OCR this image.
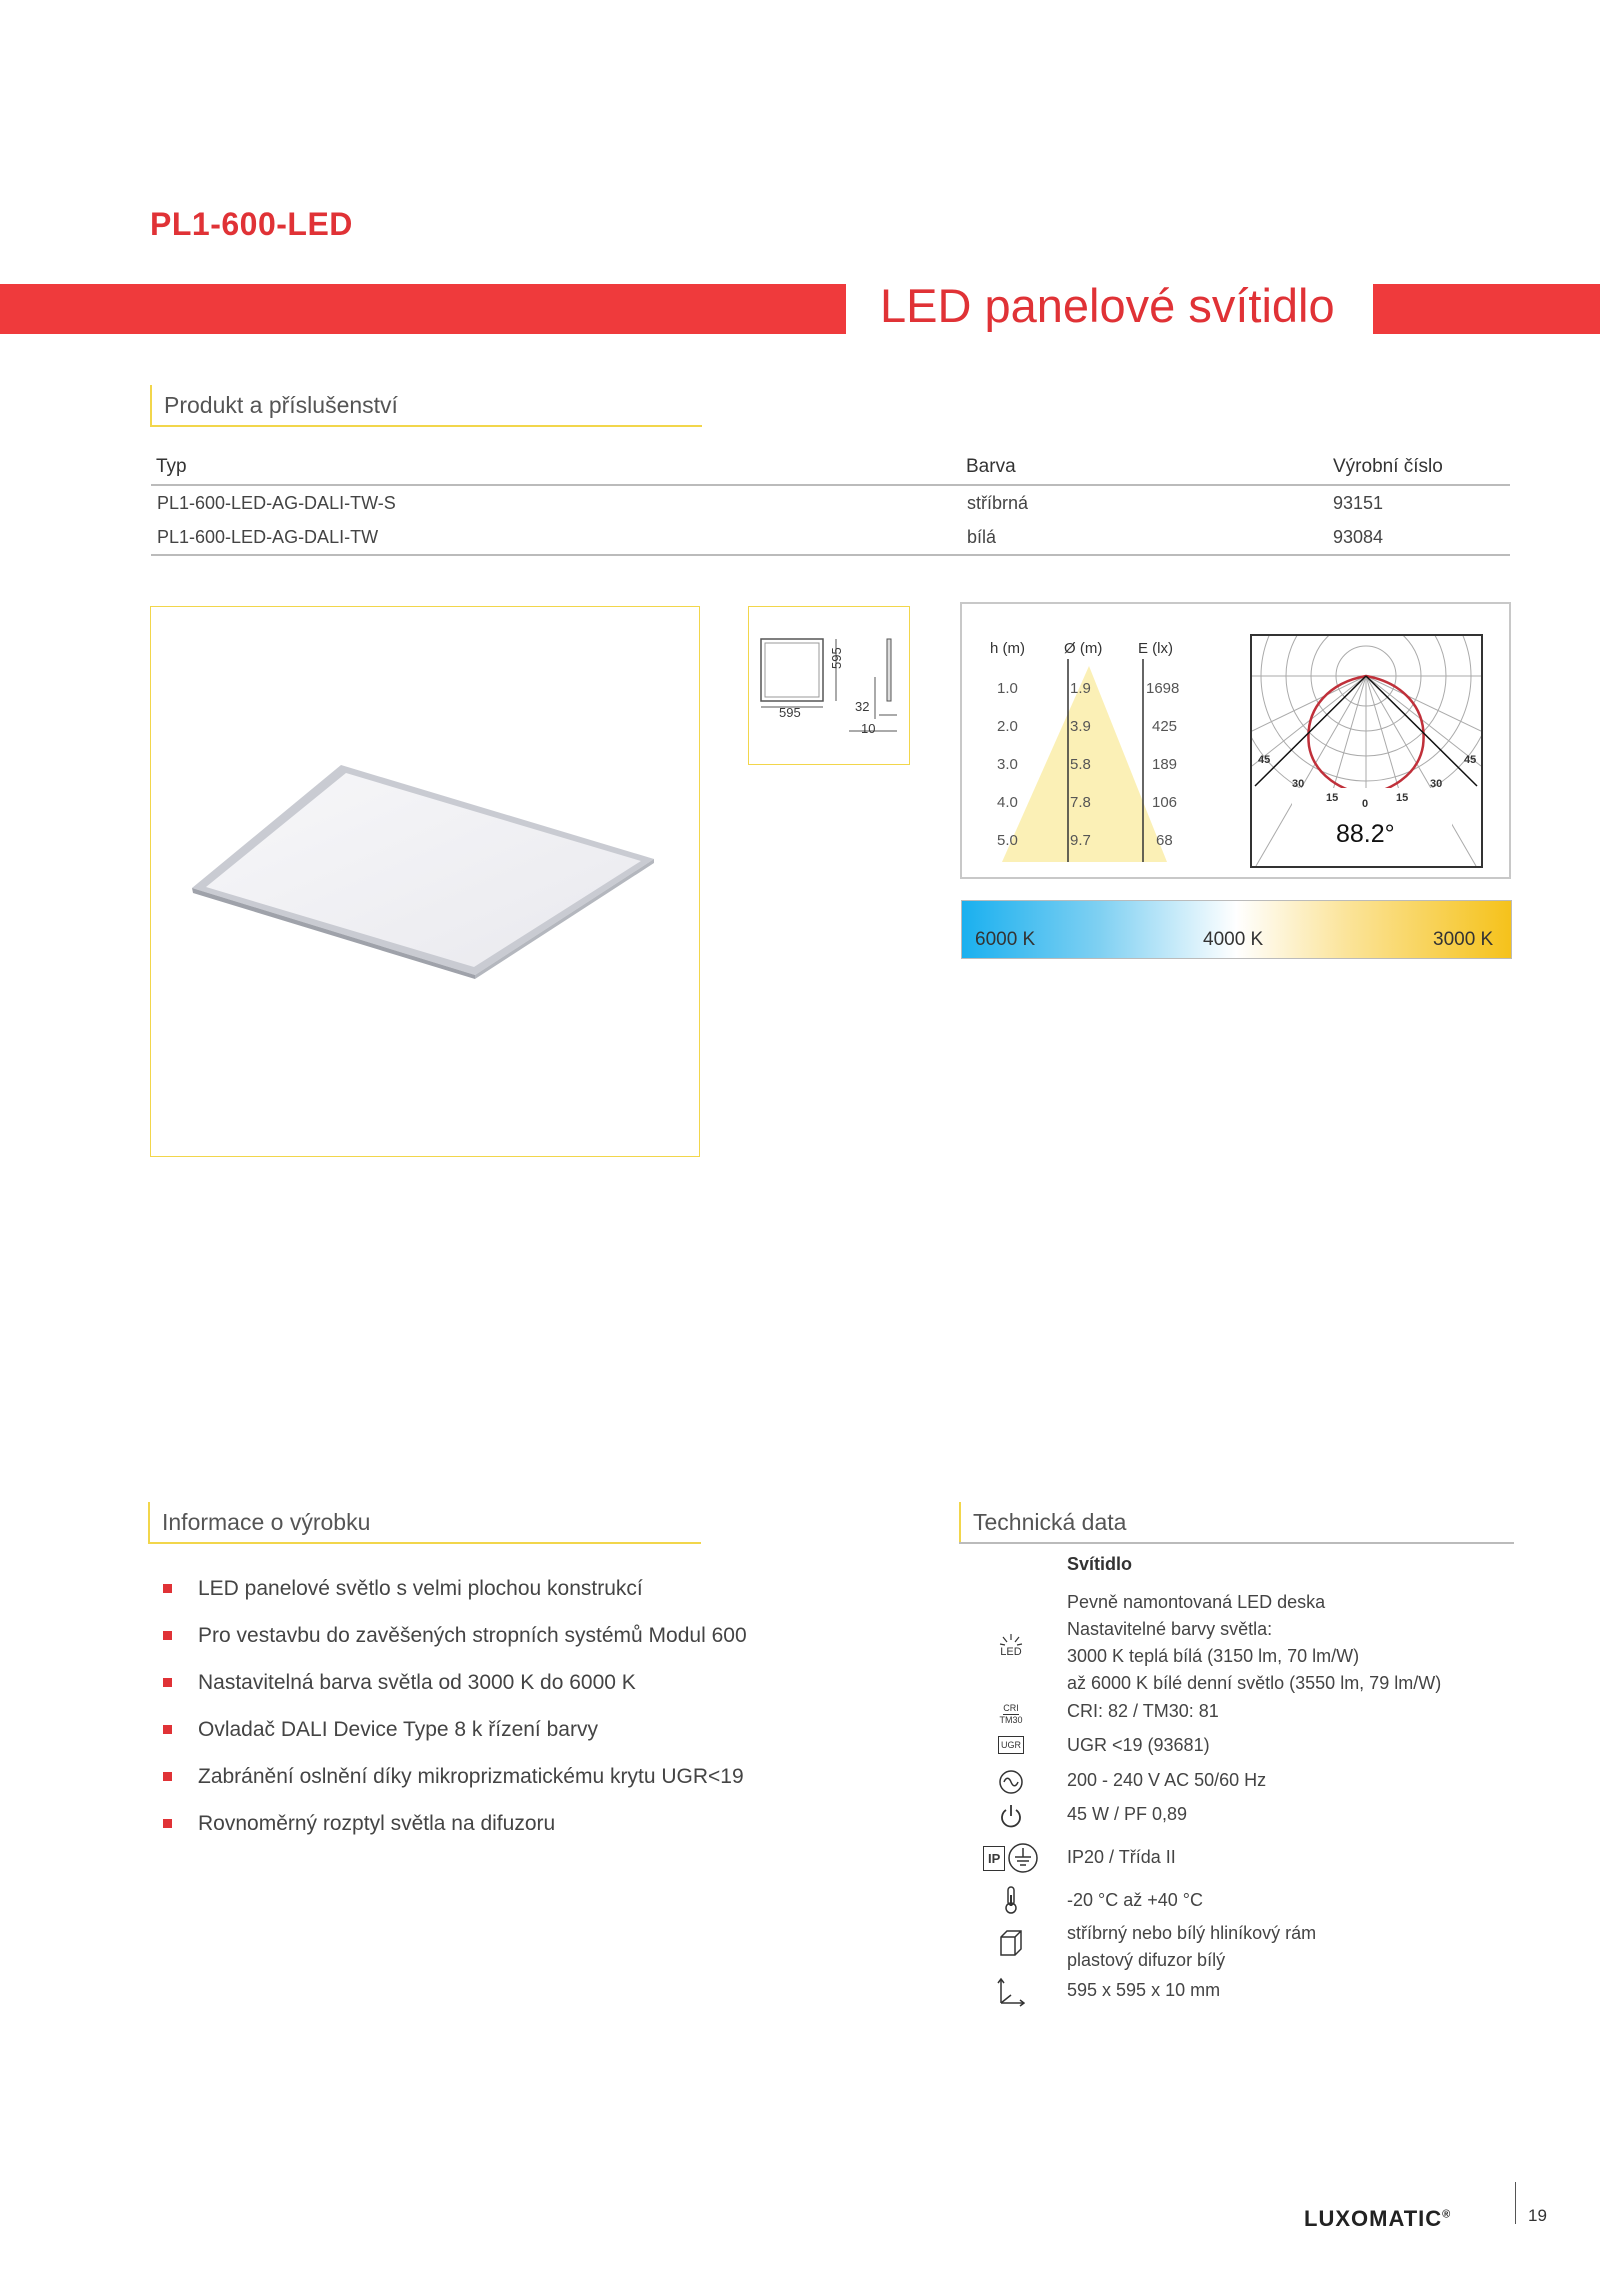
PL1-600-LED
LED panelové svítidlo
Produkt a příslušenství
Typ	Barva	Výrobní číslo
PL1-600-LED-AG-DALI-TW-S	stříbrná	93151
PL1-600-LED-AG-DALI-TW	bílá	93084
595
595
32
10
h (m)	Ø (m) E (lx)
1.0	1.9	1698
2.0	3.9	425
3.0	5.8	189
4.0	7.8	106
5.0	9.7	68
45
30
15 0	15
30
45
88.2°
6000 K	4000 K	3000 K
Informace o výrobku
LED panelové světlo s velmi plochou konstrukcí
Pro vestavbu do zavěšených stropních systémů Modul 600
Nastavitelná barva světla od 3000 K do 6000 K
Ovladač DALI Device Type 8 k řízení barvy
Zabránění oslnění díky mikroprizmatickému krytu UGR<19
Rovnoměrný rozptyl světla na difuzoru
Technická data
Svítidlo
Pevně namontovaná LED deska
Nastavitelné barvy světla:
3000 K teplá bílá (3150 lm, 70 lm/W)
až 6000 K bílé denní světlo (3550 lm, 79 lm/W)
LED
CRI: 82 / TM30: 81
CRI
TM30
UGR <19 (93681)
UGR
200 - 240 V AC 50/60 Hz
45 W / PF 0,89
IP20 / Třída II
IP
-20 °C až +40 °C
stříbrný nebo bílý hliníkový rám
plastový difuzor bílý
595 x 595 x 10 mm
LUXOMATIC®	19
